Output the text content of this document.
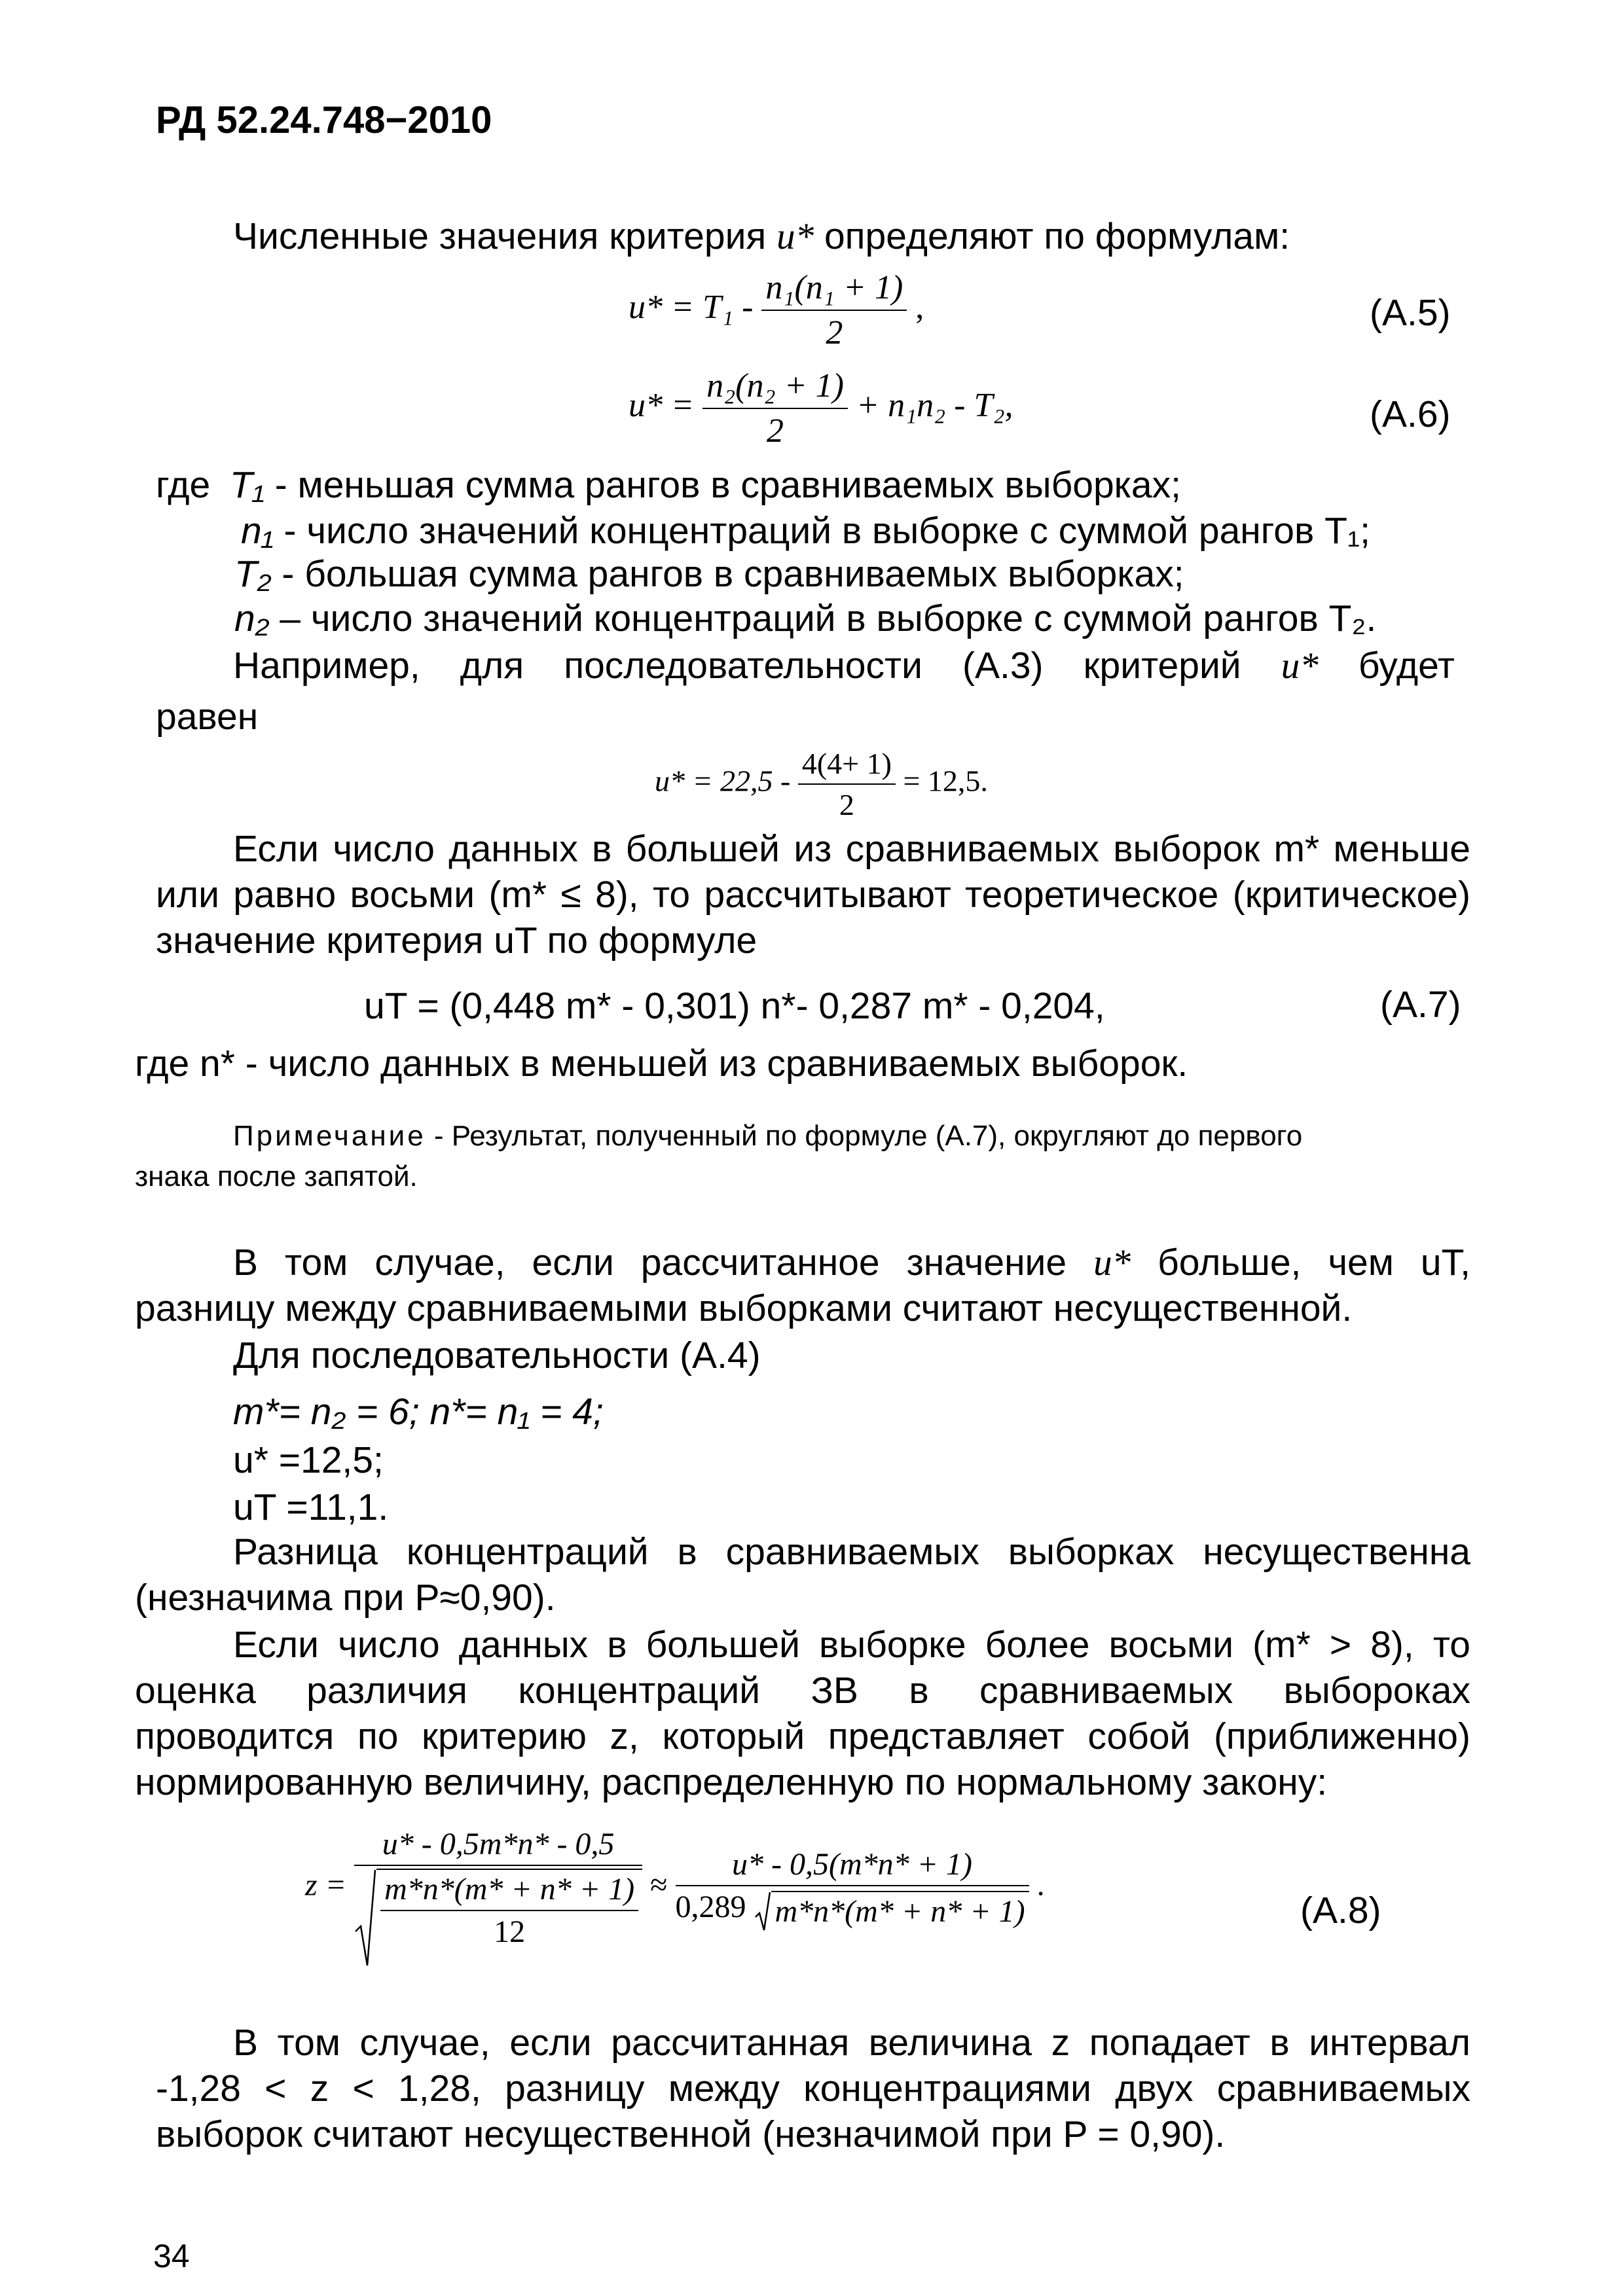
РД 52.24.748−2010
Численные значения критерия u* определяют по формулам:
$u* = T_1 - \frac{\text{n₁(n₁ + 1)}}{2}$ ,	(А.5)
$u* = \frac{\text{n₂(n₂ + 1)}}{2} + n_1n_2 - T_2$,	(А.6)
где T₁ - меньшая сумма рангов в сравниваемых выборках;
n₁ - число значений концентраций в выборке с суммой рангов T₁;
T₂ - большая сумма рангов в сравниваемых выборках;
n₂ – число значений концентраций в выборке с суммой рангов T₂.
Например, для последовательности (А.3) критерий u* будет
равен
$u* = 22,5 - \frac{4(4+ 1)}{2} = 12,5$.
Если число данных в большей из сравниваемых выборок m* меньше
или равно восьми (m* ≤ 8), то рассчитывают теоретическое (критическое)
значение критерия uT по формуле
uT = (0,448 m* - 0,301) n*- 0,287 m* - 0,204,	(А.7)
где n* - число данных в меньшей из сравниваемых выборок.
Примечание - Результат, полученный по формуле (А.7), округляют до первого
знака после запятой.
В том случае, если рассчитанное значение u* больше, чем uT,
разницу между сравниваемыми выборками считают несущественной.
Для последовательности (А.4)
m*= n₂ = 6; n*= n₁ = 4;
u* =12,5;
uT =11,1.
Разница концентраций в сравниваемых выборках несущественна
(незначима при P≈0,90).
Если число данных в большей выборке более восьми (m* > 8), то
оценка различия концентраций ЗВ в сравниваемых выбороках
проводится по критерию z, который представляет собой (приближенно)
нормированную величину, распределенную по нормальному закону:
$z = \frac{u* - 0,5m*n* - 0,5}{\frac{m*n*(m* + n* + 1)}{12}}$ ≈
u* - 0,5(m*n* + 1)
0,289 m*n*(m* + n* + 1)
.
(А.8)
В том случае, если рассчитанная величина z попадает в интервал
-1,28 < z < 1,28, разницу между концентрациями двух сравниваемых
выборок считают несущественной (незначимой при P = 0,90).
34
